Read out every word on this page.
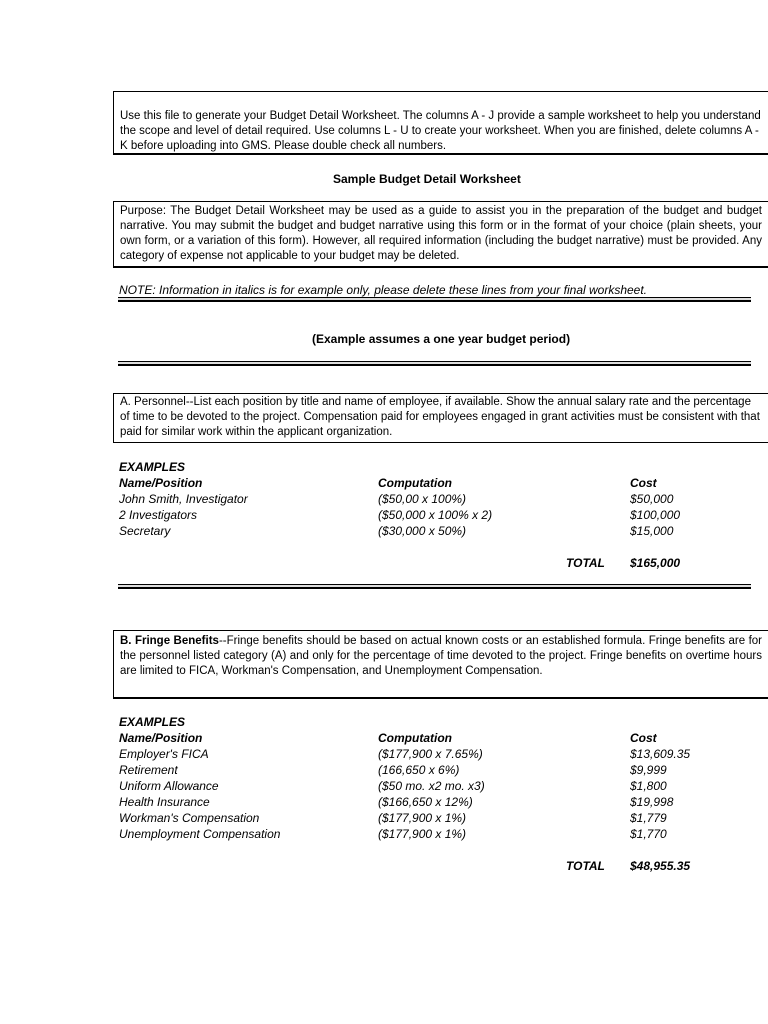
Use this file to generate your Budget Detail Worksheet. The columns A - J provide a sample worksheet to help you understand the scope and level of detail required. Use columns L - U to create your worksheet. When you are finished, delete columns A - K before uploading into GMS. Please double check all numbers.
Sample Budget Detail Worksheet
Purpose: The Budget Detail Worksheet may be used as a guide to assist you in the preparation of the budget and budget narrative. You may submit the budget and budget narrative using this form or in the format of your choice (plain sheets, your own form, or a variation of this form). However, all required information (including the budget narrative) must be provided. Any category of expense not applicable to your budget may be deleted.
NOTE: Information in italics is for example only, please delete these lines from your final worksheet.
(Example assumes a one year budget period)
A. Personnel--List each position by title and name of employee, if available. Show the annual salary rate and the percentage of time to be devoted to the project. Compensation paid for employees engaged in grant activities must be consistent with that paid for similar work within the applicant organization.
EXAMPLES
Name/Position	Computation	Cost
John Smith, Investigator	($50,00 x 100%)	$50,000
2 Investigators	($50,000 x 100% x 2)	$100,000
Secretary	($30,000 x 50%)	$15,000
TOTAL $165,000
B. Fringe Benefits--Fringe benefits should be based on actual known costs or an established formula. Fringe benefits are for the personnel listed category (A) and only for the percentage of time devoted to the project. Fringe benefits on overtime hours are limited to FICA, Workman's Compensation, and Unemployment Compensation.
EXAMPLES
Name/Position	Computation	Cost
Employer's FICA	($177,900 x 7.65%)	$13,609.35
Retirement	(166,650 x 6%)	$9,999
Uniform Allowance	($50 mo. x2 mo. x3)	$1,800
Health Insurance	($166,650 x 12%)	$19,998
Workman's Compensation	($177,900 x 1%)	$1,779
Unemployment Compensation	($177,900 x 1%)	$1,770
TOTAL $48,955.35
